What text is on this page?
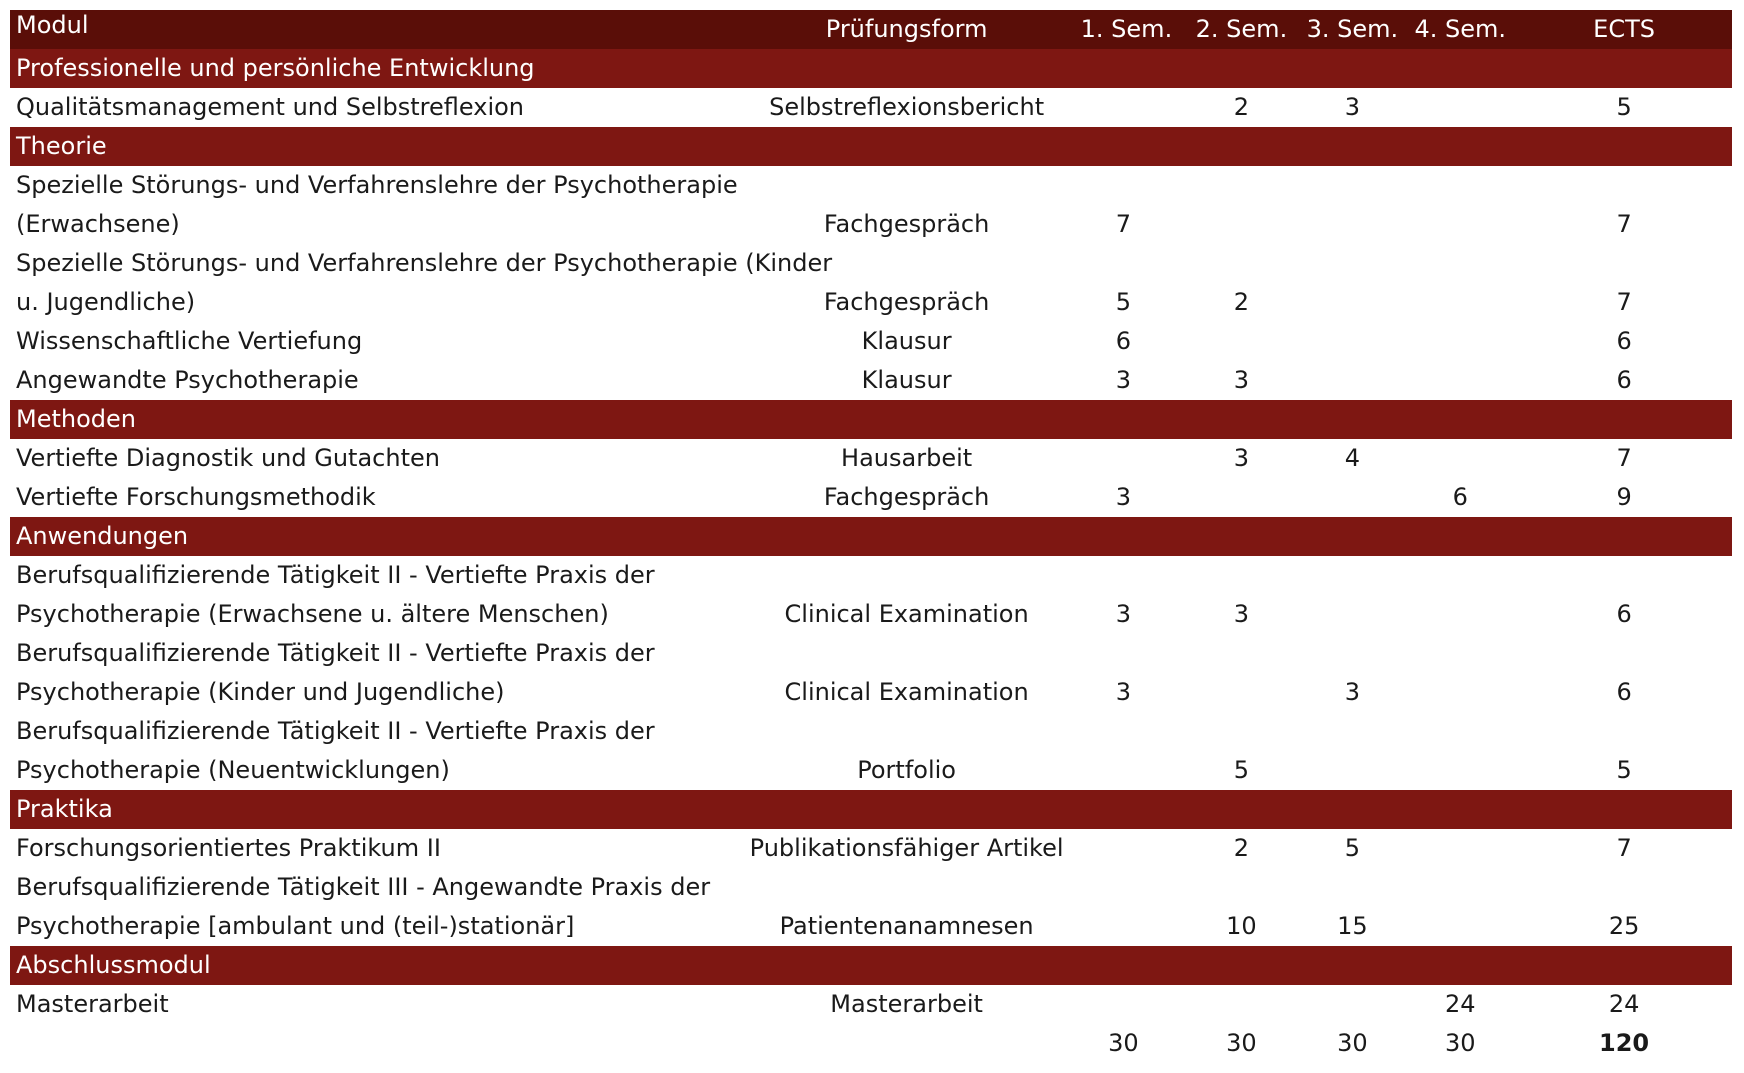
Modul	Prüfungsform	1. Sem.	2. Sem.	3. Sem.	4. Sem.	ECTS
Professionelle und persönliche Entwicklung						

Qualitätsmanagement und Selbstreflexion	Selbstreflexionsbericht		2	3		5
Theorie						

Spezielle Störungs- und Verfahrenslehre der Psychotherapie
(Erwachsene)	Fachgespräch	7				7

Spezielle Störungs- und Verfahrenslehre der Psychotherapie (Kinder
u. Jugendliche)	Fachgespräch	5	2			7

Wissenschaftliche Vertiefung	Klausur	6				6

Angewandte Psychotherapie	Klausur	3	3			6
Methoden						

Vertiefte Diagnostik und Gutachten	Hausarbeit		3	4		7

Vertiefte Forschungsmethodik	Fachgespräch	3			6	9
Anwendungen						

Berufsqualifizierende Tätigkeit II - Vertiefte Praxis der
Psychotherapie (Erwachsene u. ältere Menschen)	Clinical Examination	3	3			6

Berufsqualifizierende Tätigkeit II - Vertiefte Praxis der
Psychotherapie (Kinder und Jugendliche)	Clinical Examination	3		3		6

Berufsqualifizierende Tätigkeit II - Vertiefte Praxis der
Psychotherapie (Neuentwicklungen)	Portfolio		5			5
Praktika						

Forschungsorientiertes Praktikum II	Publikationsfähiger Artikel		2	5		7

Berufsqualifizierende Tätigkeit III - Angewandte Praxis der
Psychotherapie [ambulant und (teil-)stationär]	Patientenanamnesen		10	15		25
Abschlussmodul						

Masterarbeit	Masterarbeit				24	24
		30	30	30	30	120
